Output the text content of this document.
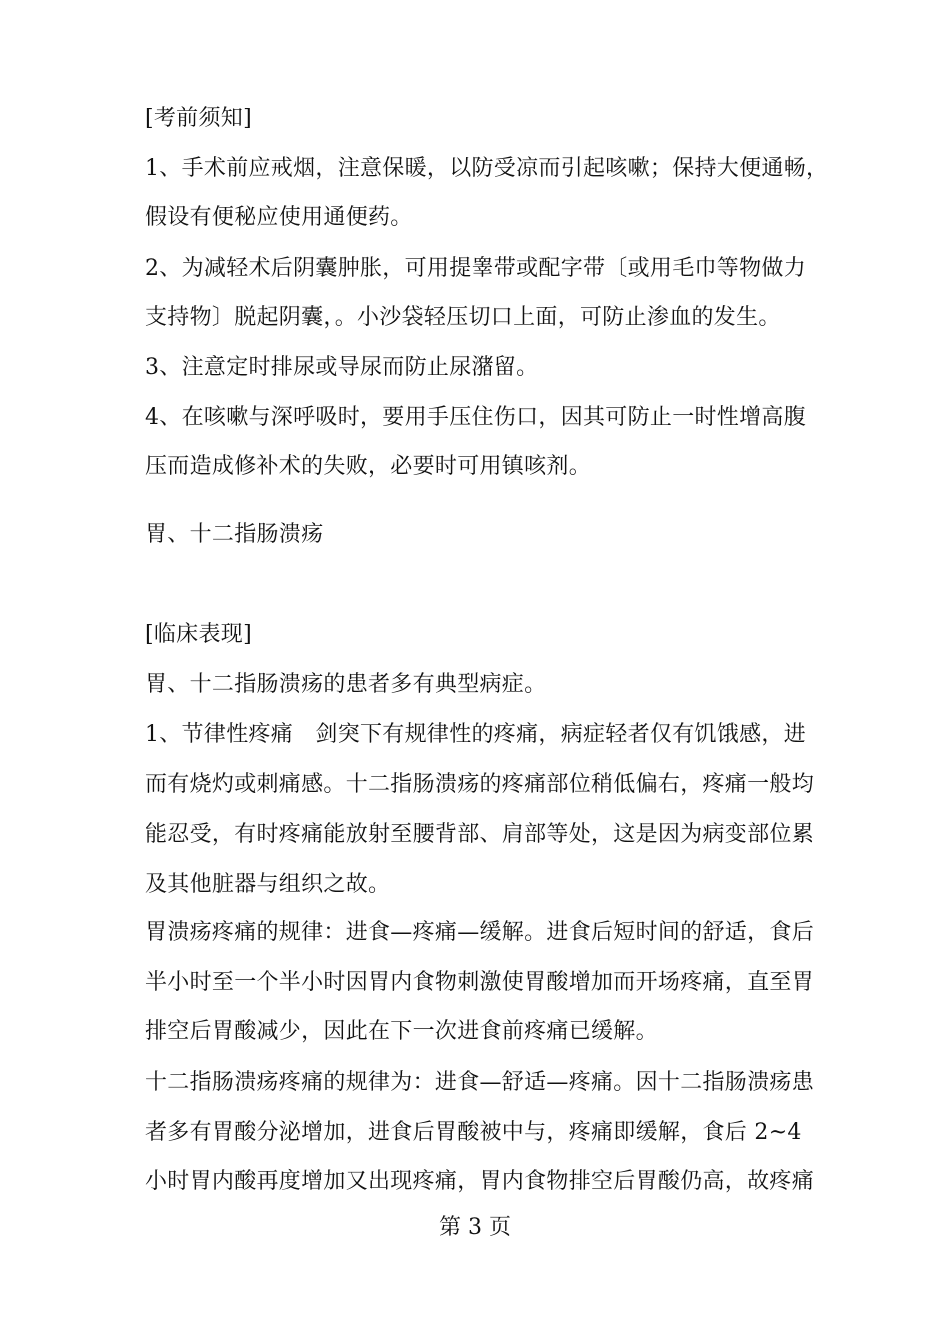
[考前须知]
1、手术前应戒烟，注意保暖，以防受凉而引起咳嗽；保持大便通畅，
假设有便秘应使用通便药。
2、为减轻术后阴囊肿胀，可用提睾带或配字带〔或用毛巾等物做力
支持物〕脱起阴囊，。小沙袋轻压切口上面，可防止渗血的发生。
3、注意定时排尿或导尿而防止尿潴留。
4、在咳嗽与深呼吸时，要用手压住伤口，因其可防止一时性增高腹
压而造成修补术的失败，必要时可用镇咳剂。
胃、十二指肠溃疡
[临床表现]
胃、十二指肠溃疡的患者多有典型病症。
1、节律性疼痛　剑突下有规律性的疼痛，病症轻者仅有饥饿感，进
而有烧灼或刺痛感。十二指肠溃疡的疼痛部位稍低偏右，疼痛一般均
能忍受，有时疼痛能放射至腰背部、肩部等处，这是因为病变部位累
及其他脏器与组织之故。
胃溃疡疼痛的规律：进食—疼痛—缓解。进食后短时间的舒适，食后
半小时至一个半小时因胃内食物刺激使胃酸增加而开场疼痛，直至胃
排空后胃酸减少，因此在下一次进食前疼痛已缓解。
十二指肠溃疡疼痛的规律为：进食—舒适—疼痛。因十二指肠溃疡患
者多有胃酸分泌增加，进食后胃酸被中与，疼痛即缓解，食后 2~4
小时胃内酸再度增加又出现疼痛，胃内食物排空后胃酸仍高，故疼痛
第 3 页
